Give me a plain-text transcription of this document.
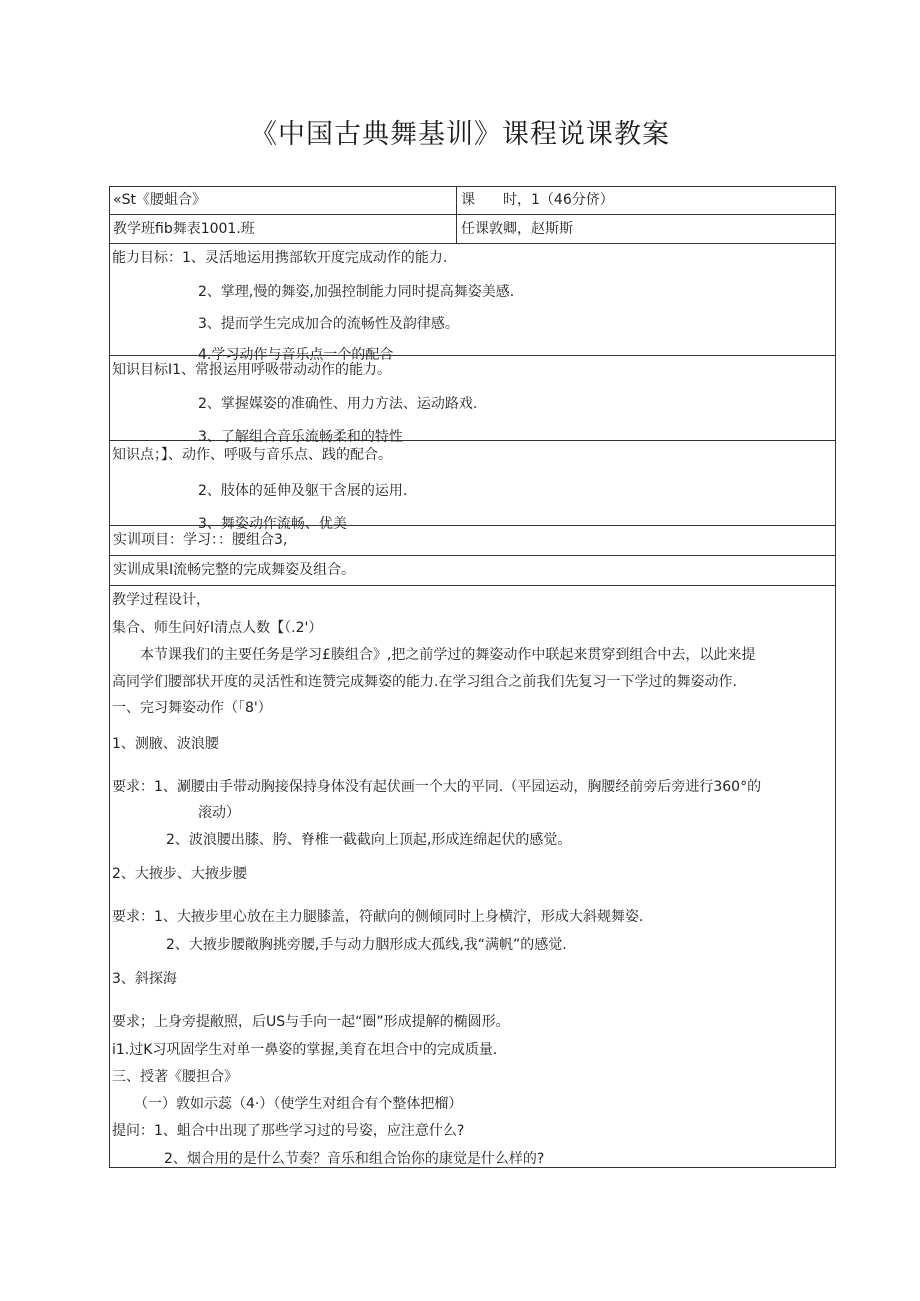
《中国古典舞基训》课程说课教案
«St《腰蛆合》	课　　时，1（46分侪）
教学班fib舞表1001.班	任课敦卿，赵斯斯
能力目标：1、灵活地运用携部软开度完成动作的能力.
2、掌理,慢的舞姿,加强控制能力同时提高舞姿美感.
3、提而学生完成加合的流畅性及韵律感。
4.学习动作与音乐点一个的配合
知识目标I1、常报运用呼吸带动动作的能力。
2、掌握媒姿的准确性、用力方法、运动路戏.
3、了解组合音乐流畅柔和的特性
知识点；】、动作、呼吸与音乐点、践的配合。
2、肢体的延伸及躯干含展的运用.
3、舞姿动作流畅、优美
实训项目：学习：：腰组合3,
实训成果I流畅完整的完成舞姿及组合。
教学过程设计，
集合、师生问好I清点人数【（.2'）
　　本节课我们的主要任务是学习£腠组合》,把之前学过的舞姿动作中联起来贯穿到组合中去，以此来提
高同学们腰部状开度的灵活性和连赞完成舞姿的能力.在学习组合之前我们先复习一下学过的舞姿动作.
一、完习舞姿动作（「8'）
1、测腋、波浪腰
要求：1、涮腰由手带动胸接保持身体没有起伏画一个大的平同.（平园运动，胸腰经前旁后旁进行360°的
滚动）
2、波浪腰出膝、胯、脊椎一截截向上顶起,形成连绵起伏的感觉。
2、大掖步、大掖步腰
要求：1、大掖步里心放在主力腿膝盖，符献向的侧倾同时上身横泞，形成大斜觌舞姿.
2、大掖步腰敞胸挑旁腰,手与动力胭形成大孤线,我“满帆”的感觉.
3、斜探海
要求；上身旁提敝照，后US与手向一起“圈”形成提解的椭圆形。
i1.过K习巩固学生对单一鼻姿的掌握,美育在坦合中的完成质量.
三、授著《腰担合》
（一）敦如示蕊（4·）（使学生对组合有个整体把榴）
提问：1、蛆合中出现了那些学习过的号姿，应注意什么?
2、烟合用的是什么节奏？音乐和组合饴你的康觉是什么样的?
